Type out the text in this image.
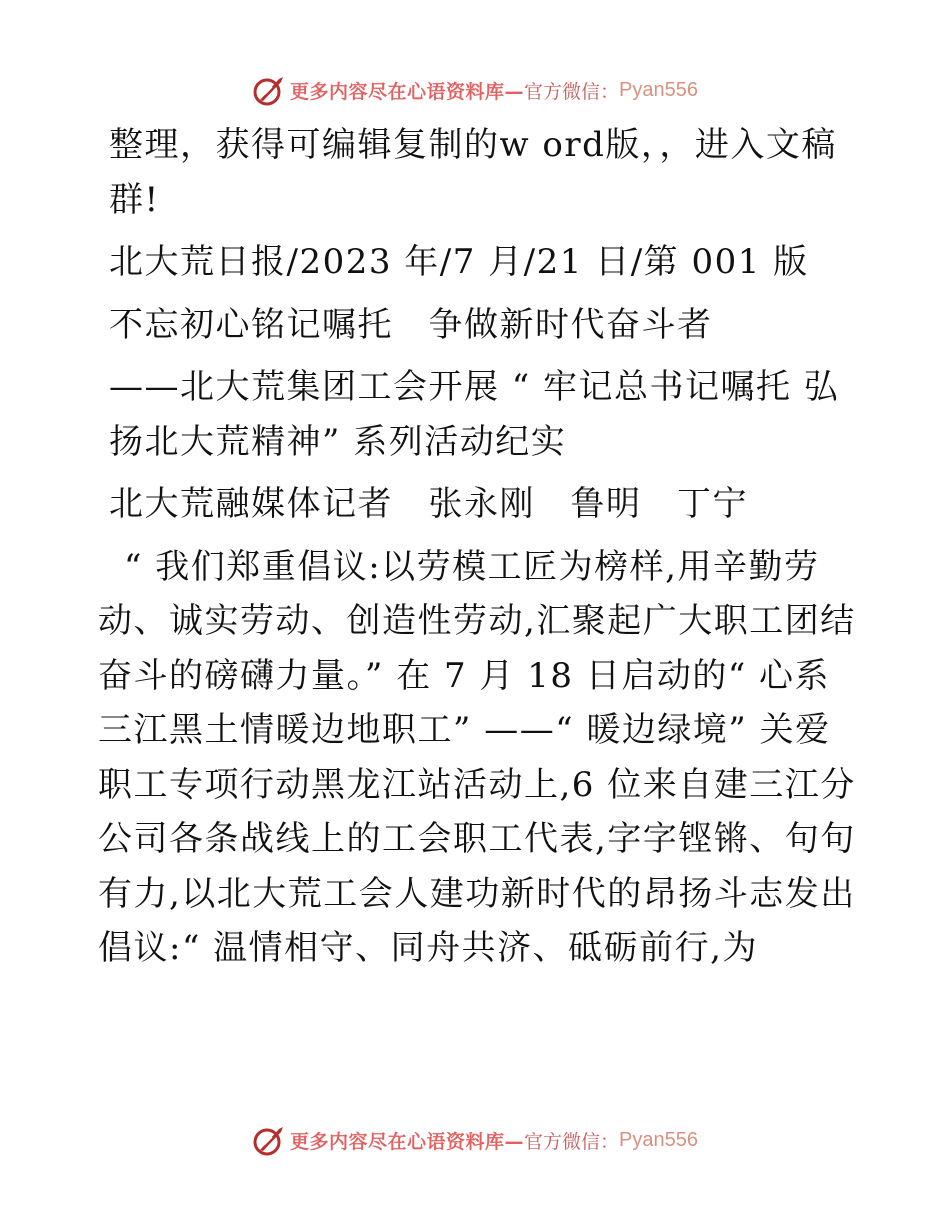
更多内容尽在心语资料库— 官方微信： Pyan556

整理，获得可编辑复制的w ord版，，进入文稿群!

北大荒日报/2023 年/7 月/21 日/第 001 版

不忘初心铭记嘱托　争做新时代奋斗者

——北大荒集团工会开展 “ 牢记总书记嘱托 弘扬北大荒精神” 系列活动纪实

北大荒融媒体记者　张永刚　鲁明　丁宁

“ 我们郑重倡议:以劳模工匠为榜样,用辛勤劳动、诚实劳动、创造性劳动,汇聚起广大职工团结奋斗的磅礴力量。” 在 7 月 18 日启动的“ 心系三江黑土情暖边地职工” ——“ 暖边绿境” 关爱职工专项行动黑龙江站活动上,6 位来自建三江分公司各条战线上的工会职工代表,字字铿锵、句句有力,以北大荒工会人建功新时代的昂扬斗志发出倡议:“ 温情相守、同舟共济、砥砺前行,为

更多内容尽在心语资料库— 官方微信： Pyan556
